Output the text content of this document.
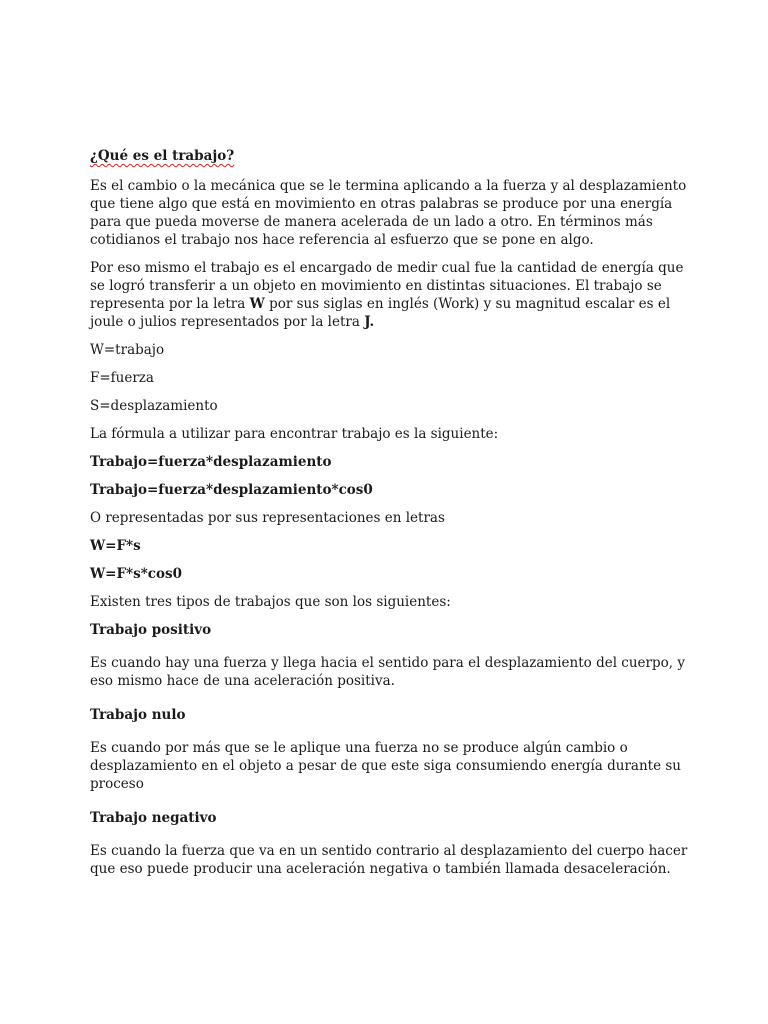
¿Qué es el trabajo?

Es el cambio o la mecánica que se le termina aplicando a la fuerza y al desplazamiento que tiene algo que está en movimiento en otras palabras se produce por una energía para que pueda moverse de manera acelerada de un lado a otro. En términos más cotidianos el trabajo nos hace referencia al esfuerzo que se pone en algo.

Por eso mismo el trabajo es el encargado de medir cual fue la cantidad de energía que se logró transferir a un objeto en movimiento en distintas situaciones. El trabajo se representa por la letra W por sus siglas en inglés (Work) y su magnitud escalar es el joule o julios representados por la letra J.

W=trabajo

F=fuerza

S=desplazamiento

La fórmula a utilizar para encontrar trabajo es la siguiente:

Trabajo=fuerza*desplazamiento

Trabajo=fuerza*desplazamiento*cos0

O representadas por sus representaciones en letras

W=F*s

W=F*s*cos0

Existen tres tipos de trabajos que son los siguientes:

Trabajo positivo

Es cuando hay una fuerza y llega hacia el sentido para el desplazamiento del cuerpo, y eso mismo hace de una aceleración positiva.

Trabajo nulo

Es cuando por más que se le aplique una fuerza no se produce algún cambio o desplazamiento en el objeto a pesar de que este siga consumiendo energía durante su proceso

Trabajo negativo

Es cuando la fuerza que va en un sentido contrario al desplazamiento del cuerpo hacer que eso puede producir una aceleración negativa o también llamada desaceleración.
